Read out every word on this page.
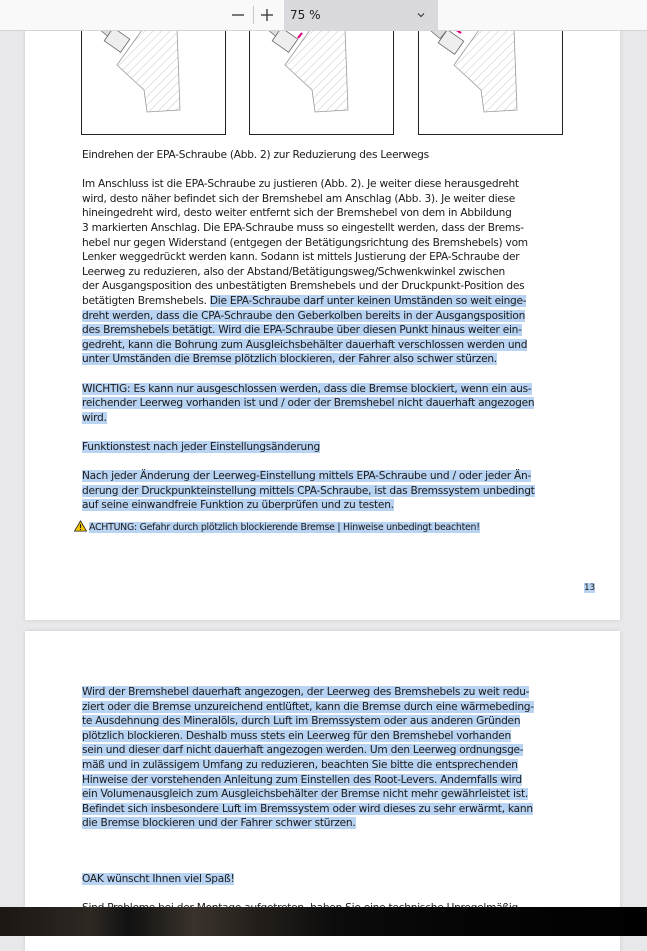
75 %

Eindrehen der EPA-Schraube (Abb. 2) zur Reduzierung des Leerwegs

Im Anschluss ist die EPA-Schraube zu justieren (Abb. 2). Je weiter diese herausgedreht

wird, desto näher befindet sich der Bremshebel am Anschlag (Abb. 3). Je weiter diese

hineingedreht wird, desto weiter entfernt sich der Bremshebel von dem in Abbildung

3 markierten Anschlag. Die EPA-Schraube muss so eingestellt werden, dass der Brems-

hebel nur gegen Widerstand (entgegen der Betätigungsrichtung des Bremshebels) vom

Lenker weggedrückt werden kann. Sodann ist mittels Justierung der EPA-Schraube der

Leerweg zu reduzieren, also der Abstand/Betätigungsweg/Schwenkwinkel zwischen

der Ausgangsposition des unbestätigten Bremshebels und der Druckpunkt-Position des

betätigten Bremshebels. Die EPA-Schraube darf unter keinen Umständen so weit einge-

dreht werden, dass die CPA-Schraube den Geberkolben bereits in der Ausgangsposition

des Bremshebels betätigt. Wird die EPA-Schraube über diesen Punkt hinaus weiter ein-

gedreht, kann die Bohrung zum Ausgleichsbehälter dauerhaft verschlossen werden und

unter Umständen die Bremse plötzlich blockieren, der Fahrer also schwer stürzen.

WICHTIG: Es kann nur ausgeschlossen werden, dass die Bremse blockiert, wenn ein aus-

reichender Leerweg vorhanden ist und / oder der Bremshebel nicht dauerhaft angezogen

wird.

Funktionstest nach jeder Einstellungsänderung

Nach jeder Änderung der Leerweg-Einstellung mittels EPA-Schraube und / oder jeder Än-

derung der Druckpunkteinstellung mittels CPA-Schraube, ist das Bremssystem unbedingt

auf seine einwandfreie Funktion zu überprüfen und zu testen.

ACHTUNG: Gefahr durch plötzlich blockierende Bremse | Hinweise unbedingt beachten!
13

Wird der Bremshebel dauerhaft angezogen, der Leerweg des Bremshebels zu weit redu-

ziert oder die Bremse unzureichend entlüftet, kann die Bremse durch eine wärmebeding-

te Ausdehnung des Mineralöls, durch Luft im Bremssystem oder aus anderen Gründen

plötzlich blockieren. Deshalb muss stets ein Leerweg für den Bremshebel vorhanden

sein und dieser darf nicht dauerhaft angezogen werden. Um den Leerweg ordnungsge-

mäß und in zulässigem Umfang zu reduzieren, beachten Sie bitte die entsprechenden

Hinweise der vorstehenden Anleitung zum Einstellen des Root-Levers. Andernfalls wird

ein Volumenausgleich zum Ausgleichsbehälter der Bremse nicht mehr gewährleistet ist.

Befindet sich insbesondere Luft im Bremssystem oder wird dieses zu sehr erwärmt, kann

die Bremse blockieren und der Fahrer schwer stürzen.

OAK wünscht Ihnen viel Spaß!
